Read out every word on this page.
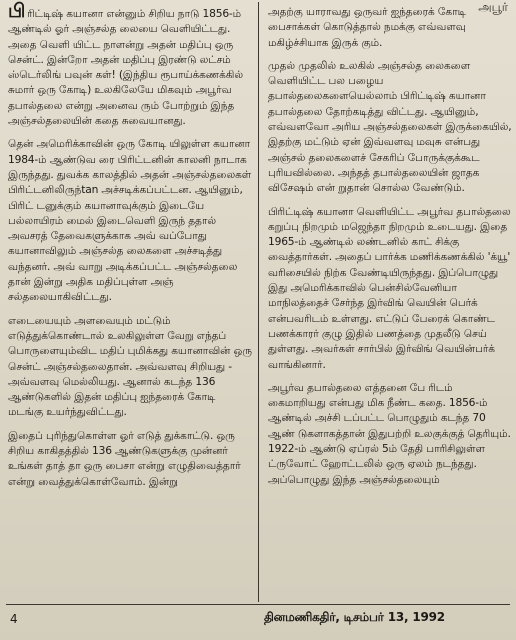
அபூர்

பிரிட்டிஷ் கயானா என்னும் சிறிய நாடு 1856-ம் ஆண்டில் ஓர் அஞ்சல்த லையை வெளியிட்டது. அதை வெளி யிட்ட நாளன்று அதன் மதிப்பு ஒரு சென்ட். இன்றோ அதன் மதிப்பு இரண்டு லட்சம் ஸ்டெர்லிங் பவுன் கள்! (இந்திய ரூபாய்க்கணக்கில் சுமார் ஒரு கோடி) உலகிலேயே மிகவும் அபூர்வ தபால்தலை என்று அனைவ ரும் போற்றும் இந்த அஞ்சல்தலையின் கதை சுவையானது.

தென் அமெரிக்காவின் ஒரு கோடி யிலுள்ள கயானா 1984-ம் ஆண்டுவ ரை பிரிட்டனின் காலனி நாடாக இருந்தது. துவக்க காலத்தில் அதன் அஞ்சல்தலைகள் பிரிட்டனிலிருந்tan அச்சடிக்கப்பட்டன. ஆயினும், பிரிட் டனுக்கும் கயானாவுக்கும் இடையே பல்லாயிரம் மைல் இடைவெளி இருந் ததால் அவசரத் தேவைகளுக்காக அவ் வப்போது கயானாவிலும் அஞ்சல்த லைகளை அச்சடித்து வந்தனர். அவ் வாறு அடிக்கப்பட்ட அஞ்சல்தலை தான் இன்று அதிக மதிப்புள்ள அஞ் சல்தலையாகிவிட்டது.

எடையையும் அளவையும் மட்டும் எடுத்துக்கொண்டால் உலகிலுள்ள வேறு எந்தப் பொருளையும்விட மதிப் புமிக்கது கயானாவின் ஒரு சென்ட் அஞ்சல்தலைதான். அவ்வளவு சிறியது - அவ்வளவு மெல்லியது. ஆனால் கடந்த 136 ஆண்டுகளில் இதன் மதிப்பு ஐந்தரைக் கோடி மடங்கு உயர்ந்துவிட்டது.

இதைப் புரிந்துகொள்ள ஓர் எடுத் துக்காட்டு. ஒரு சிறிய காகிதத்தில் 136 ஆண்டுகளுக்கு முன்னர் உங்கள் தாத் தா ஒரு பைசா என்று எழுதிவைத்தார் என்று வைத்துக்கொள்வோம். இன்று

அதற்கு யாராவது ஒருவர் ஐந்தரைக் கோடி பைசாக்கள் கொடுத்தால் நமக்கு எவ்வளவு மகிழ்ச்சியாக இருக் கும்.

முதல் முதலில் உலகில் அஞ்சல்த லைகளை வெளியிட்ட பல பழைய தபால்தலைகளையெல்லாம் பிரிட்டிஷ் கயானா தபால்தலை தோற்கடித்து விட்டது. ஆயினும், எவ்வளவோ அரிய அஞ்சல்தலைகள் இருக்கையில், இதற்கு மட்டும் ஏன் இவ்வளவு மவுசு என்பது அஞ்சல் தலைகளைச் சேகரிப் போருக்குக்கூட புரியவில்லை. அந்தத் தபால்தலையின் ஜாதக விசேஷம் என் றுதான் சொல்ல வேண்டும்.

பிரிட்டிஷ் கயானா வெளியிட்ட அபூர்வ தபால்தலை கறுப்பு நிறமும் மஜெந்தா நிறமும் உடையது. இதை 1965-ம் ஆண்டில் லண்டனில் காட் சிக்கு வைத்தார்கள். அதைப் பார்க்க மணிக்கணக்கில் 'க்யூ' வரிசையில் நிற்க வேண்டியிருந்தது. இப்பொழுது இது அமெரிக்காவில் பென்சில்வேனியா மாநிலத்தைச் சேர்ந்த இர்விங் வெயின் பெர்க் என்பவரிடம் உள்ளது. எட்டுப் பேரைக் கொண்ட பணக்காரர் குழு இதில் பணத்தை முதலீடு செய் துள்ளது. அவர்கள் சார்பில் இர்விங் வெயின்பர்க் வாங்கினார்.

அபூர்வ தபால்தலை எத்தனை பே ரிடம் கைமாறியது என்பது மிக நீண்ட கதை. 1856-ம் ஆண்டில் அச்சி டப்பட்ட பொழுதும் கடந்த 70 ஆண் டுகளாகத்தான் இதுபற்றி உலகுக்குத் தெரியும். 1922-ம் ஆண்டு ஏப்ரல் 5ம் தேதி பாரிசிலுள்ள ட்ருவோட் ஹோட்டலில் ஒரு ஏலம் நடந்தது. அப்பொழுது இந்த அஞ்சல்தலையும்

4	தினமணிகதிர், டிசம்பர் 13, 1992
